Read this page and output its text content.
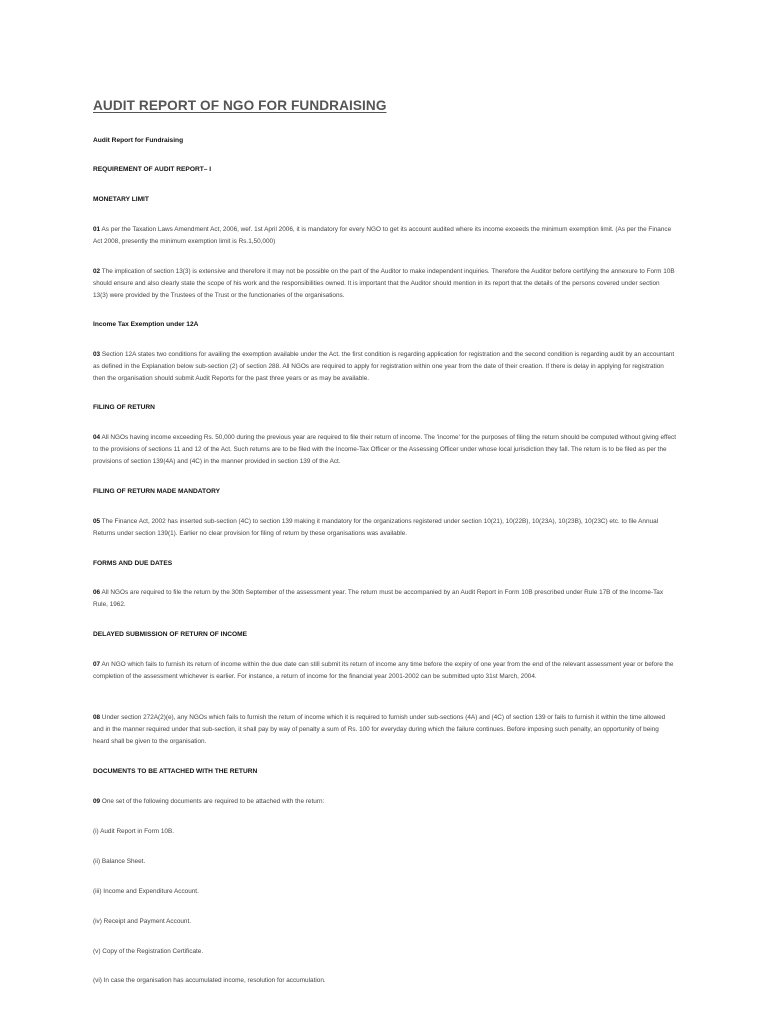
AUDIT REPORT OF NGO FOR FUNDRAISING

Audit Report for Fundraising

REQUIREMENT OF AUDIT REPORT– I

MONETARY LIMIT

01 As per the Taxation Laws Amendment Act, 2006, wef. 1st April 2006, it is mandatory for every NGO to get its account audited where its income exceeds the minimum exemption limit. (As per the Finance Act 2008, presently the minimum exemption limit is Rs.1,50,000)

02 The implication of section 13(3) is extensive and therefore it may not be possible on the part of the Auditor to make independent inquiries. Therefore the Auditor before certifying the annexure to Form 10B should ensure and also clearly state the scope of his work and the responsibilities owned. It is important that the Auditor should mention in its report that the details of the persons covered under section 13(3) were provided by the Trustees of the Trust or the functionaries of the organisations.

Income Tax Exemption under 12A

03 Section 12A states two conditions for availing the exemption available under the Act. the first condition is regarding application for registration and the second condition is regarding audit by an accountant as defined in the Explanation below sub-section (2) of section 288. All NGOs are required to apply for registration within one year from the date of their creation. If there is delay in applying for registration then the organisation should submit Audit Reports for the past three years or as may be available.

FILING OF RETURN

04 All NGOs having income exceeding Rs. 50,000 during the previous year are required to file their return of income. The 'income' for the purposes of filing the return should be computed without giving effect to the provisions of sections 11 and 12 of the Act. Such returns are to be filed with the Income-Tax Officer or the Assessing Officer under whose local jurisdiction they fall. The return is to be filed as per the provisions of section 139(4A) and (4C) in the manner provided in section 139 of the Act.

FILING OF RETURN MADE MANDATORY

05 The Finance Act, 2002 has inserted sub-section (4C) to section 139 making it mandatory for the organizations registered under section 10(21), 10(22B), 10(23A), 10(23B), 10(23C) etc. to file Annual Returns under section 139(1). Earlier no clear provision for filing of return by these organisations was available.

FORMS AND DUE DATES

06 All NGOs are required to file the return by the 30th September of the assessment year. The return must be accompanied by an Audit Report in Form 10B prescribed under Rule 17B of the Income-Tax Rule, 1962.

DELAYED SUBMISSION OF RETURN OF INCOME

07 An NGO which fails to furnish its return of income within the due date can still submit its return of income any time before the expiry of one year from the end of the relevant assessment year or before the completion of the assessment whichever is earlier. For instance, a return of income for the financial year 2001-2002 can be submitted upto 31st March, 2004.

08 Under section 272A(2)(e), any NGOs which fails to furnish the return of income which it is required to furnish under sub-sections (4A) and (4C) of section 139 or fails to furnish it within the time allowed and in the manner required under that sub-section, it shall pay by way of penalty a sum of Rs. 100 for everyday during which the failure continues. Before imposing such penalty, an opportunity of being heard shall be given to the organisation.

DOCUMENTS TO BE ATTACHED WITH THE RETURN

09 One set of the following documents are required to be attached with the return:

(i) Audit Report in Form 10B.

(ii) Balance Sheet.

(iii) Income and Expenditure Account.

(iv) Receipt and Payment Account.

(v) Copy of the Registration Certificate.

(vi) In case the organisation has accumulated income, resolution for accumulation.
